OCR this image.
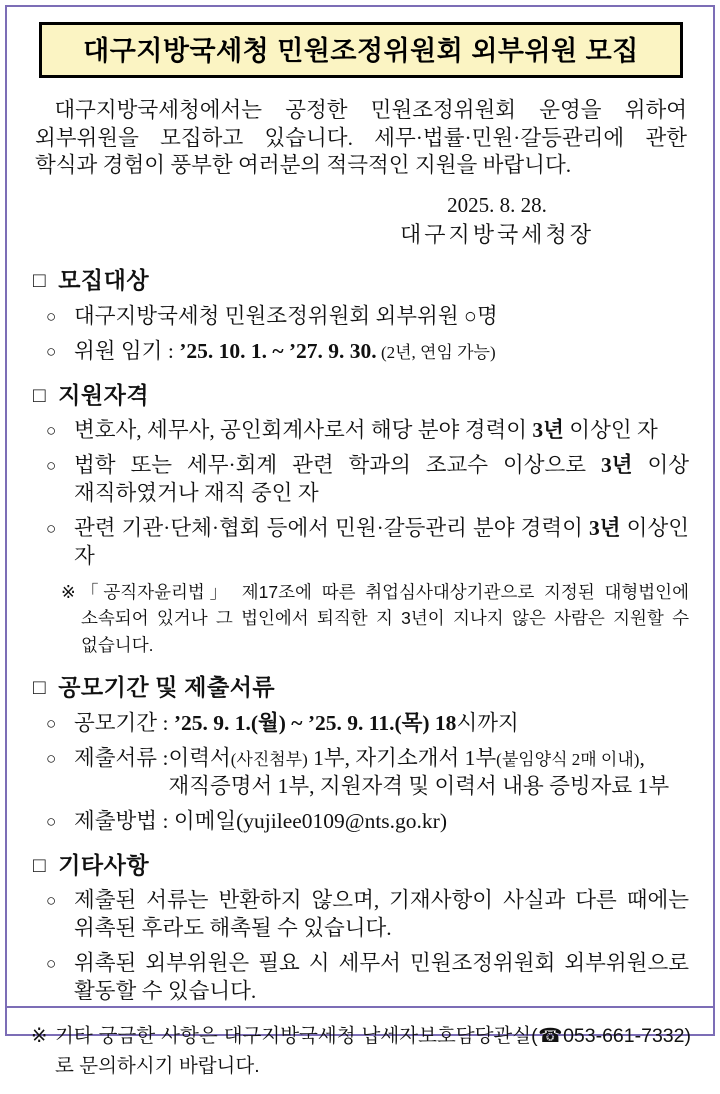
대구지방국세청 민원조정위원회 외부위원 모집

대구지방국세청에서는 공정한 민원조정위원회 운영을 위하여 외부위원을 모집하고 있습니다. 세무·법률·민원·갈등관리에 관한 학식과 경험이 풍부한 여러분의 적극적인 지원을 바랍니다.

2025. 8. 28.
대구지방국세청장
□ 모집대상
○ 대구지방국세청 민원조정위원회 외부위원 ○명
○ 위원 임기 : ’25. 10. 1. ~ ’27. 9. 30. (2년, 연임 가능)
□ 지원자격
○ 변호사, 세무사, 공인회계사로서 해당 분야 경력이 3년 이상인 자
○ 법학 또는 세무·회계 관련 학과의 조교수 이상으로 3년 이상 재직하였거나 재직 중인 자
○ 관련 기관·단체·협회 등에서 민원·갈등관리 분야 경력이 3년 이상인 자
※ 「공직자윤리법」 제17조에 따른 취업심사대상기관으로 지정된 대형법인에 소속되어 있거나 그 법인에서 퇴직한 지 3년이 지나지 않은 사람은 지원할 수 없습니다.
□ 공모기간 및 제출서류
○ 공모기간 : ’25. 9. 1.(월) ~ ’25. 9. 11.(목) 18시까지
○ 제출서류 : 이력서(사진첨부) 1부, 자기소개서 1부(붙임양식 2매 이내),
재직증명서 1부, 지원자격 및 이력서 내용 증빙자료 1부
○ 제출방법 : 이메일(yujilee0109@nts.go.kr)
□ 기타사항
○ 제출된 서류는 반환하지 않으며, 기재사항이 사실과 다른 때에는 위촉된 후라도 해촉될 수 있습니다.
○ 위촉된 외부위원은 필요 시 세무서 민원조정위원회 외부위원으로 활동할 수 있습니다.
※ 기타 궁금한 사항은 대구지방국세청 납세자보호담당관실(☎053-661-7332)로 문의하시기 바랍니다.
